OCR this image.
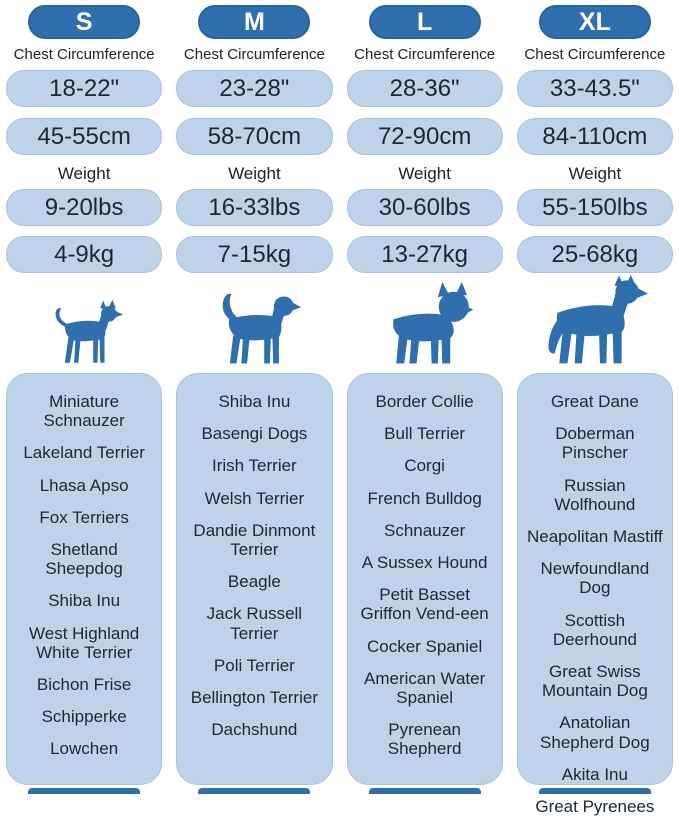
S
Chest Circumference
18-22"
45-55cm
Weight
9-20lbs
4-9kg
Miniature Schnauzer
Lakeland Terrier
Lhasa Apso
Fox Terriers
Shetland Sheepdog
Shiba Inu
West Highland White Terrier
Bichon Frise
Schipperke
Lowchen
M
Chest Circumference
23-28"
58-70cm
Weight
16-33lbs
7-15kg
Shiba Inu
Basengi Dogs
Irish Terrier
Welsh Terrier
Dandie Dinmont Terrier
Beagle
Jack Russell Terrier
Poli Terrier
Bellington Terrier
Dachshund
L
Chest Circumference
28-36"
72-90cm
Weight
30-60lbs
13-27kg
Border Collie
Bull Terrier
Corgi
French Bulldog
Schnauzer
A Sussex Hound
Petit Basset Griffon Vend-een
Cocker Spaniel
American Water Spaniel
Pyrenean Shepherd
XL
Chest Circumference
33-43.5"
84-110cm
Weight
55-150lbs
25-68kg
Great Dane
Doberman Pinscher
Russian Wolfhound
Neapolitan Mastiff
Newfoundland Dog
Scottish Deerhound
Great Swiss Mountain Dog
Anatolian Shepherd Dog
Akita Inu
Great Pyrenees
